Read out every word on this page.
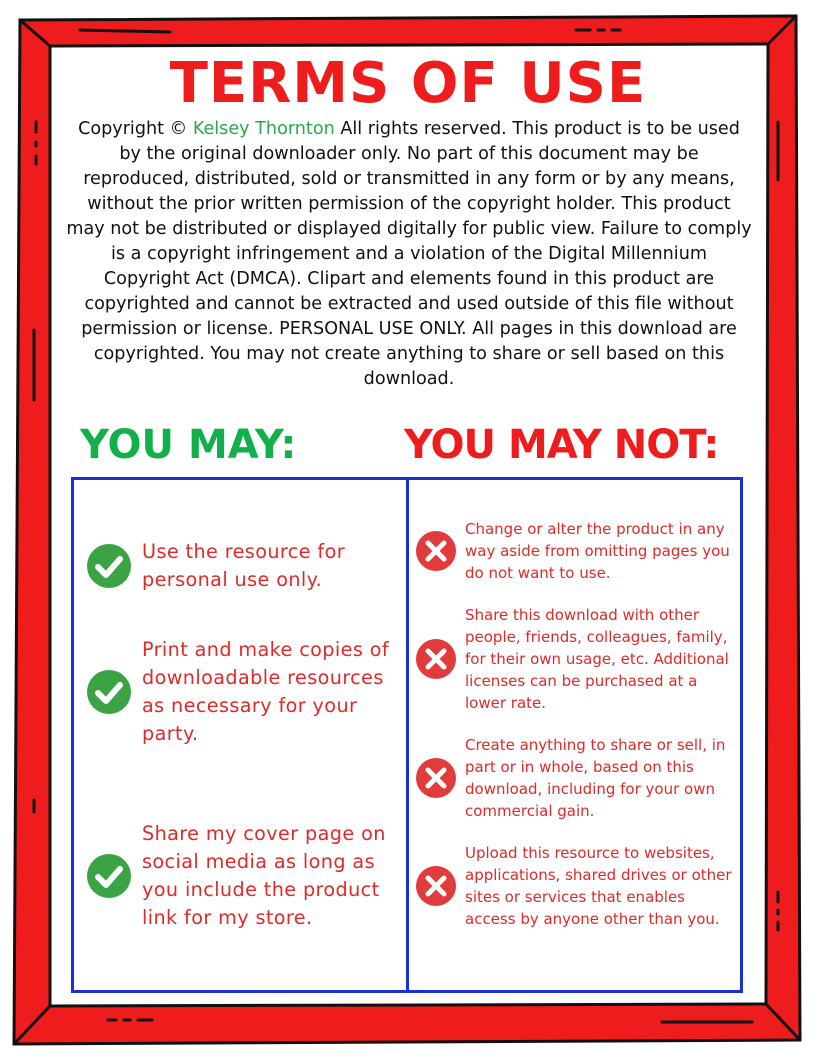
TERMS OF USE

Copyright © Kelsey Thornton All rights reserved. This product is to be used by the original downloader only. No part of this document may be reproduced, distributed, sold or transmitted in any form or by any means, without the prior written permission of the copyright holder. This product may not be distributed or displayed digitally for public view. Failure to comply is a copyright infringement and a violation of the Digital Millennium Copyright Act (DMCA). Clipart and elements found in this product are copyrighted and cannot be extracted and used outside of this file without permission or license. PERSONAL USE ONLY. All pages in this download are copyrighted. You may not create anything to share or sell based on this download.

YOU MAY:	YOU MAY NOT:

Use the resource for personal use only.

Print and make copies of downloadable resources as necessary for your party.

Share my cover page on social media as long as you include the product link for my store.

Change or alter the product in any way aside from omitting pages you do not want to use.

Share this download with other people, friends, colleagues, family, for their own usage, etc. Additional licenses can be purchased at a lower rate.

Create anything to share or sell, in part or in whole, based on this download, including for your own commercial gain.

Upload this resource to websites, applications, shared drives or other sites or services that enables access by anyone other than you.
